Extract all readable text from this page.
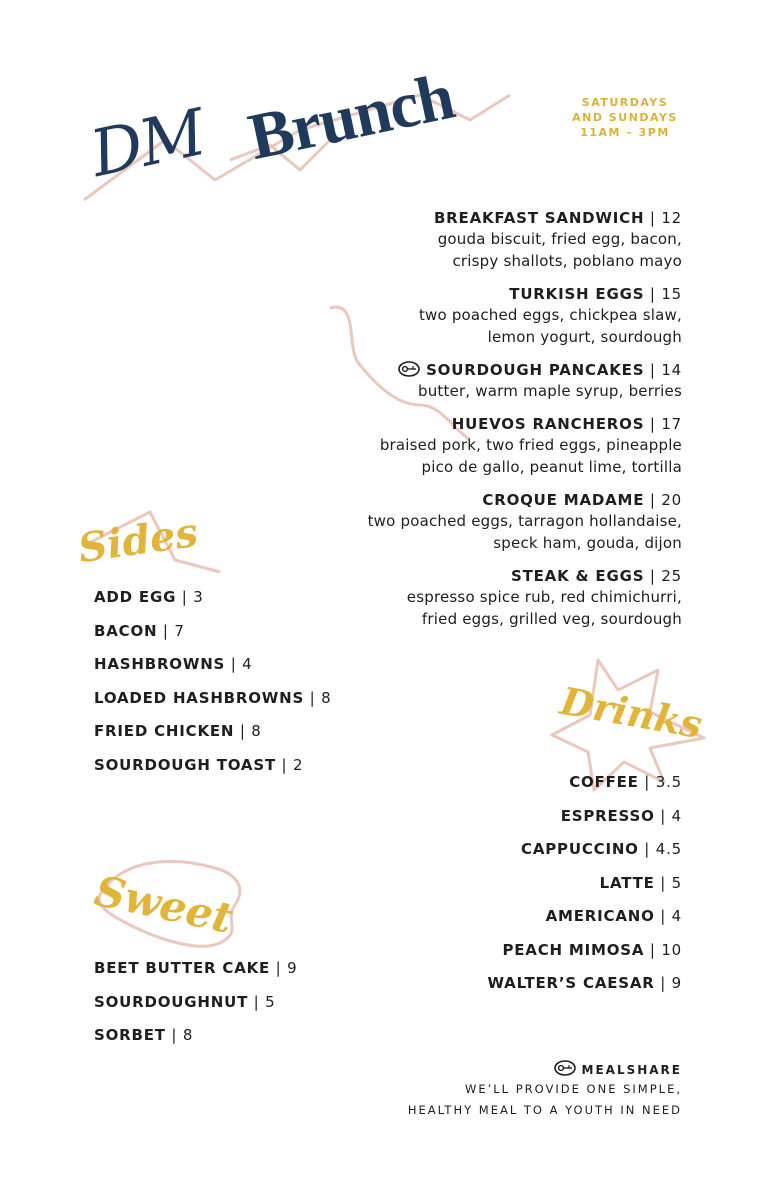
DM Brunch	SATURDAYS
AND SUNDAYS
11AM – 3PM
BREAKFAST SANDWICH | 12
gouda biscuit, fried egg, bacon,
crispy shallots, poblano mayo
TURKISH EGGS | 15
two poached eggs, chickpea slaw,
lemon yogurt, sourdough
SOURDOUGH PANCAKES | 14
butter, warm maple syrup, berries
HUEVOS RANCHEROS | 17
braised pork, two fried eggs, pineapple
pico de gallo, peanut lime, tortilla
CROQUE MADAME | 20
two poached eggs, tarragon hollandaise,
speck ham, gouda, dijon
STEAK & EGGS | 25
espresso spice rub, red chimichurri,
fried eggs, grilled veg, sourdough
Sides
ADD EGG | 3
BACON | 7
HASHBROWNS | 4
LOADED HASHBROWNS | 8
FRIED CHICKEN | 8
SOURDOUGH TOAST | 2
Drinks
COFFEE | 3.5
ESPRESSO | 4
CAPPUCCINO | 4.5
LATTE | 5
AMERICANO | 4
PEACH MIMOSA | 10
WALTER’S CAESAR | 9
Sweet
BEET BUTTER CAKE | 9
SOURDOUGHNUT | 5
SORBET | 8
MEALSHARE
WE’LL PROVIDE ONE SIMPLE,
HEALTHY MEAL TO A YOUTH IN NEED
